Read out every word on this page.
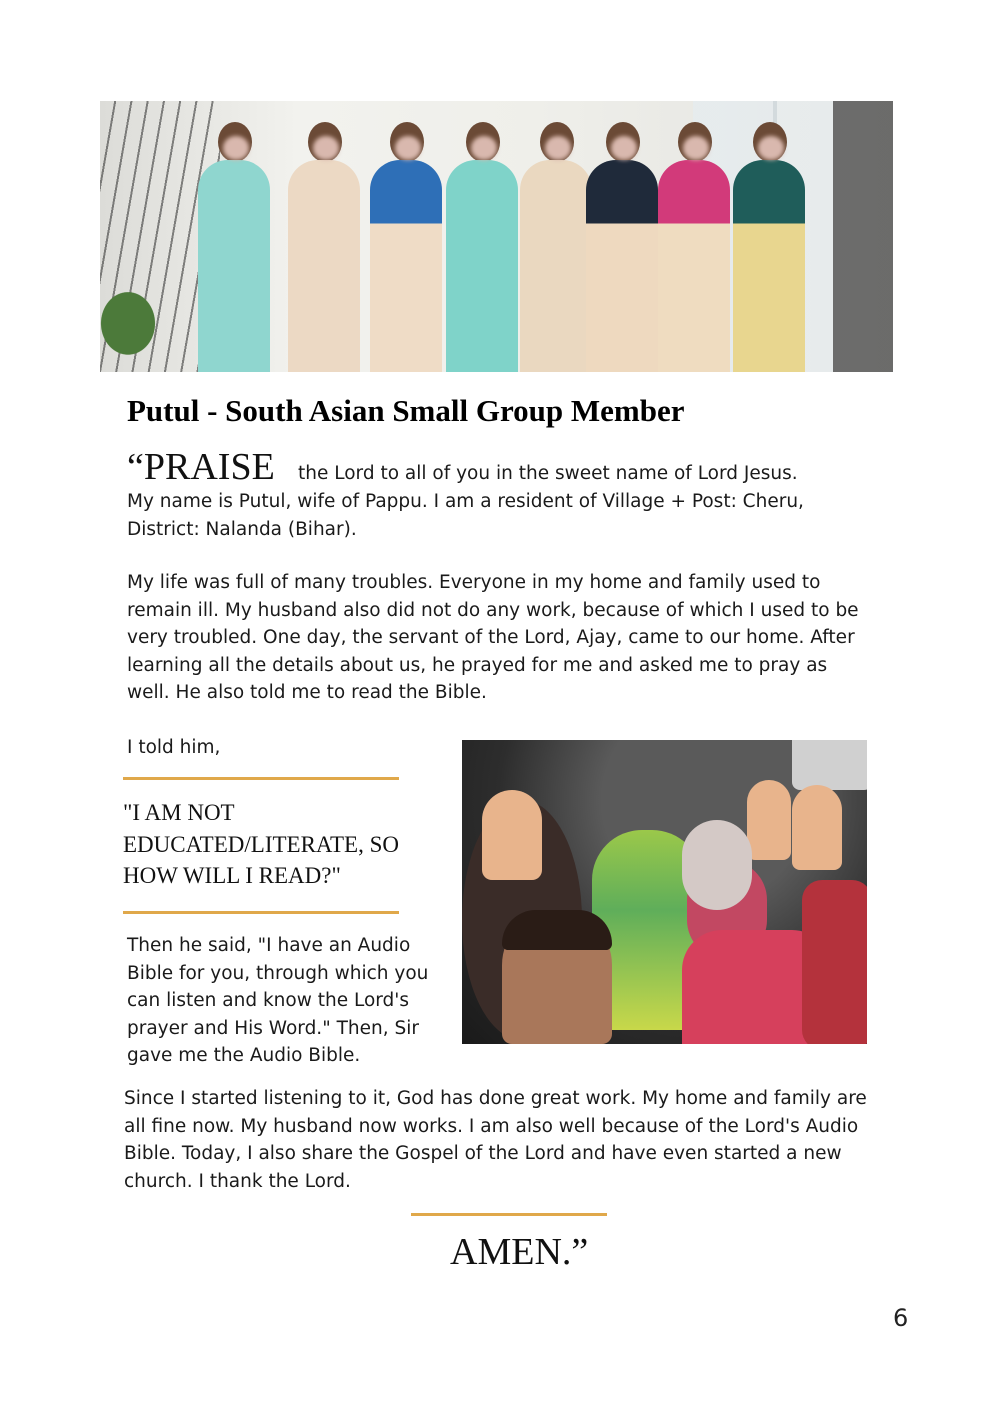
Putul - South Asian Small Group Member
“PRAISE the Lord to all of you in the sweet name of Lord Jesus.
My name is Putul, wife of Pappu. I am a resident of Village + Post: Cheru, District: Nalanda (Bihar).
My life was full of many troubles. Everyone in my home and family used to remain ill. My husband also did not do any work, because of which I used to be very troubled. One day, the servant of the Lord, Ajay, came to our home. After learning all the details about us, he prayed for me and asked me to pray as well. He also told me to read the Bible.
I told him,
"I AM NOT EDUCATED/LITERATE, SO HOW WILL I READ?"
Then he said, "I have an Audio Bible for you, through which you can listen and know the Lord's prayer and His Word." Then, Sir gave me the Audio Bible.
Since I started listening to it, God has done great work. My home and family are all fine now. My husband now works. I am also well because of the Lord's Audio Bible. Today, I also share the Gospel of the Lord and have even started a new church. I thank the Lord.
AMEN.”
6
